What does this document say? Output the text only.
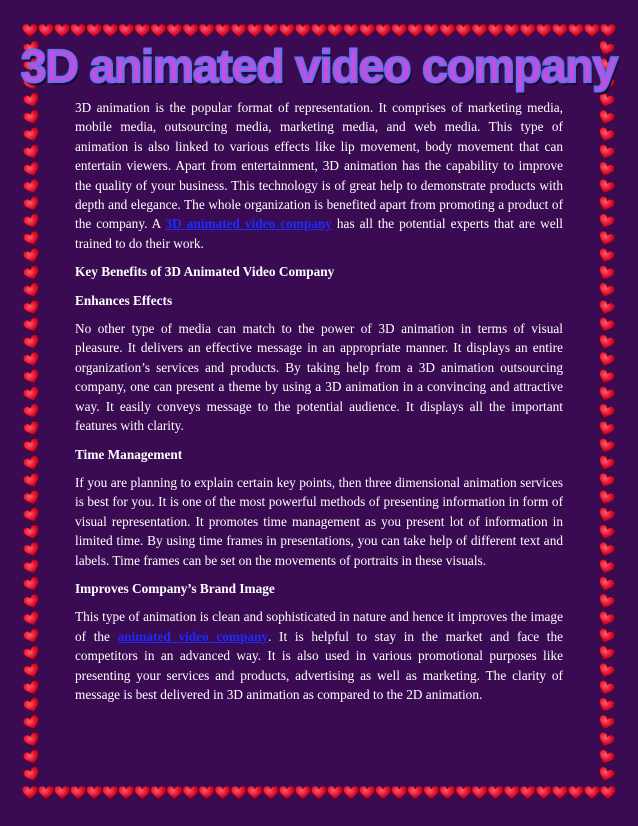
3D animated video company

3D animation is the popular format of representation. It comprises of marketing media, mobile media, outsourcing media, marketing media, and web media. This type of animation is also linked to various effects like lip movement, body movement that can entertain viewers. Apart from entertainment, 3D animation has the capability to improve the quality of your business. This technology is of great help to demonstrate products with depth and elegance. The whole organization is benefited apart from promoting a product of the company. A 3D animated video company has all the potential experts that are well trained to do their work.

Key Benefits of 3D Animated Video Company

Enhances Effects

No other type of media can match to the power of 3D animation in terms of visual pleasure. It delivers an effective message in an appropriate manner. It displays an entire organization’s services and products. By taking help from a 3D animation outsourcing company, one can present a theme by using a 3D animation in a convincing and attractive way. It easily conveys message to the potential audience. It displays all the important features with clarity.

Time Management

If you are planning to explain certain key points, then three dimensional animation services is best for you. It is one of the most powerful methods of presenting information in form of visual representation. It promotes time management as you present lot of information in limited time. By using time frames in presentations, you can take help of different text and labels. Time frames can be set on the movements of portraits in these visuals.

Improves Company’s Brand Image

This type of animation is clean and sophisticated in nature and hence it improves the image of the animated video company. It is helpful to stay in the market and face the competitors in an advanced way. It is also used in various promotional purposes like presenting your services and products, advertising as well as marketing. The clarity of message is best delivered in 3D animation as compared to the 2D animation.
